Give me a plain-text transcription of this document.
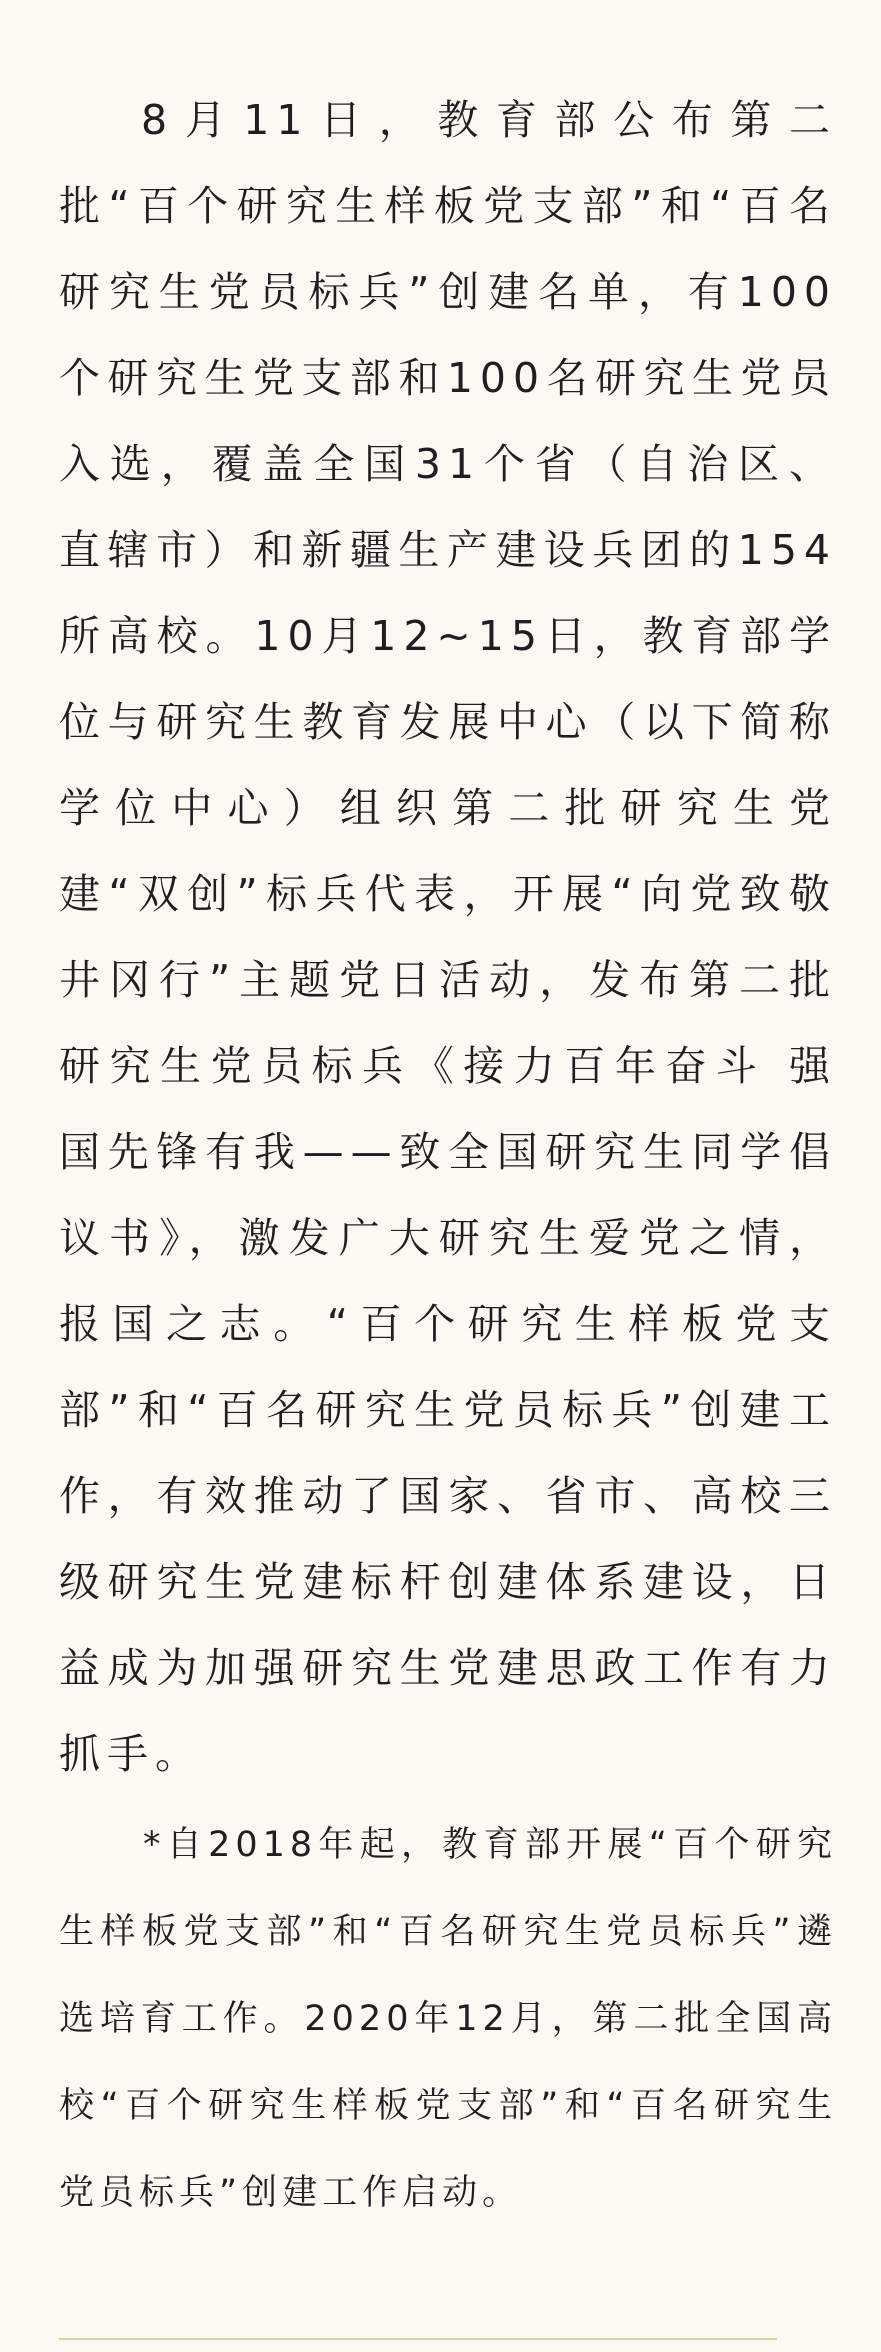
8月11日，教育部公布第二批“百个研究生样板党支部”和“百名研究生党员标兵”创建名单，有100个研究生党支部和100名研究生党员入选，覆盖全国31个省（自治区、直辖市）和新疆生产建设兵团的154所高校。10月12~15日，教育部学位与研究生教育发展中心（以下简称学位中心）组织第二批研究生党建“双创”标兵代表，开展“向党致敬井冈行”主题党日活动，发布第二批研究生党员标兵《接力百年奋斗 强国先锋有我——致全国研究生同学倡议书》，激发广大研究生爱党之情，报国之志。“百个研究生样板党支部”和“百名研究生党员标兵”创建工作，有效推动了国家、省市、高校三级研究生党建标杆创建体系建设，日益成为加强研究生党建思政工作有力抓手。

*自2018年起，教育部开展“百个研究生样板党支部”和“百名研究生党员标兵”遴选培育工作。2020年12月，第二批全国高校“百个研究生样板党支部”和“百名研究生党员标兵”创建工作启动。
